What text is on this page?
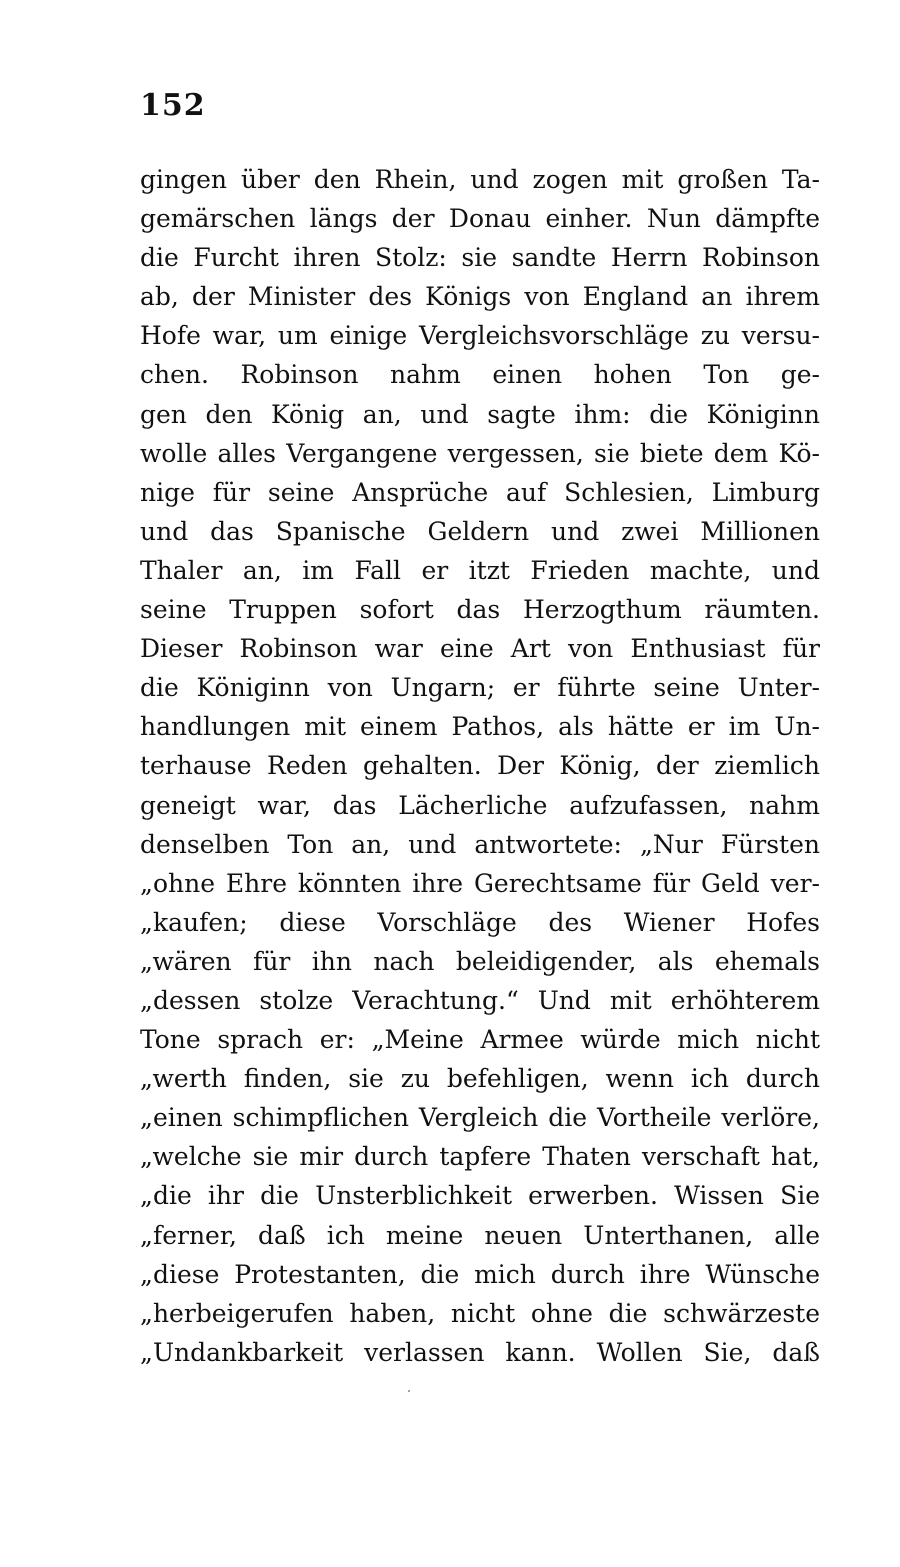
152
gingen über den Rhein, und zogen mit großen Ta-
gemärschen längs der Donau einher. Nun dämpfte
die Furcht ihren Stolz: sie sandte Herrn Robinson
ab, der Minister des Königs von England an ihrem
Hofe war, um einige Vergleichsvorschläge zu versu-
chen. Robinson nahm einen hohen Ton ge-
gen den König an, und sagte ihm: die Königinn
wolle alles Vergangene vergessen, sie biete dem Kö-
nige für seine Ansprüche auf Schlesien, Limburg
und das Spanische Geldern und zwei Millionen
Thaler an, im Fall er itzt Frieden machte, und
seine Truppen sofort das Herzogthum räumten.
Dieser Robinson war eine Art von Enthusiast für
die Königinn von Ungarn; er führte seine Unter-
handlungen mit einem Pathos, als hätte er im Un-
terhause Reden gehalten. Der König, der ziemlich
geneigt war, das Lächerliche aufzufassen, nahm
denselben Ton an, und antwortete: „Nur Fürsten
„ohne Ehre könnten ihre Gerechtsame für Geld ver-
„kaufen; diese Vorschläge des Wiener Hofes
„wären für ihn nach beleidigender, als ehemals
„dessen stolze Verachtung.“ Und mit erhöhterem
Tone sprach er: „Meine Armee würde mich nicht
„werth finden, sie zu befehligen, wenn ich durch
„einen schimpflichen Vergleich die Vortheile verlöre,
„welche sie mir durch tapfere Thaten verschaft hat,
„die ihr die Unsterblichkeit erwerben. Wissen Sie
„ferner, daß ich meine neuen Unterthanen, alle
„diese Protestanten, die mich durch ihre Wünsche
„herbeigerufen haben, nicht ohne die schwärzeste
„Undankbarkeit verlassen kann. Wollen Sie, daß
